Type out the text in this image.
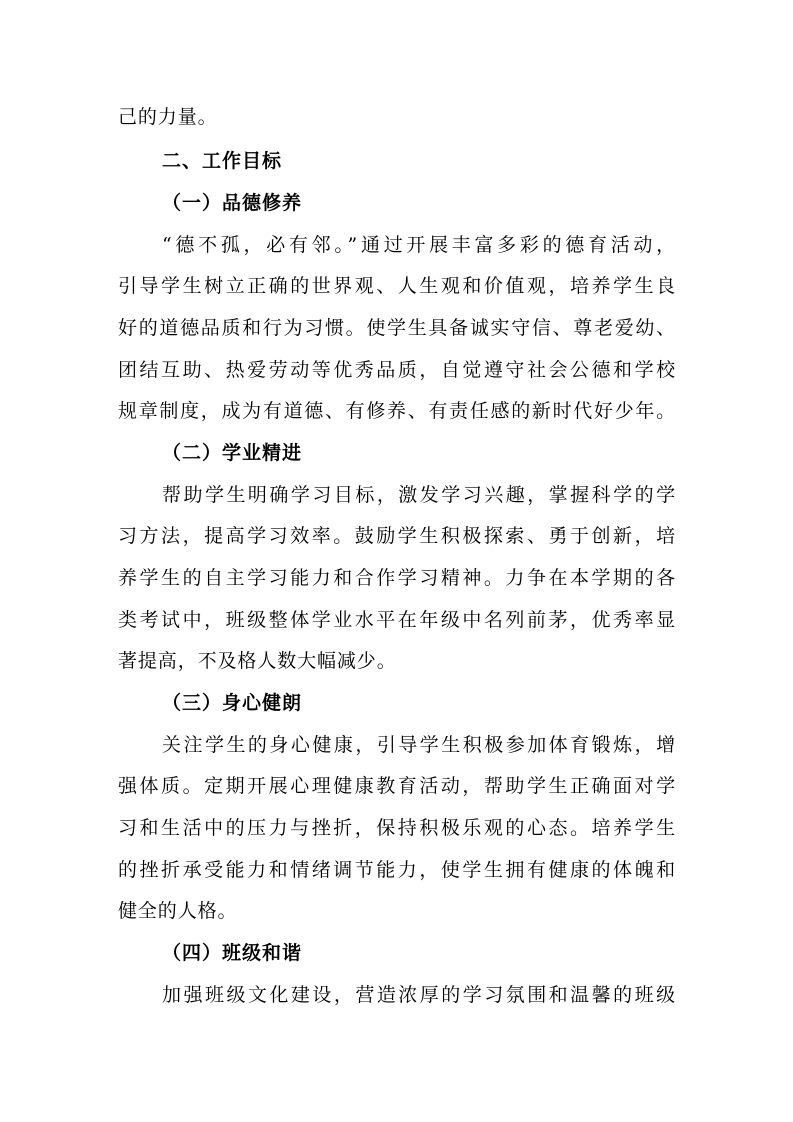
己的力量。
二、工作目标
（一）品德修养
“德不孤，必有邻。”通过开展丰富多彩的德育活动，
引导学生树立正确的世界观、人生观和价值观，培养学生良
好的道德品质和行为习惯。使学生具备诚实守信、尊老爱幼、
团结互助、热爱劳动等优秀品质，自觉遵守社会公德和学校
规章制度，成为有道德、有修养、有责任感的新时代好少年。
（二）学业精进
帮助学生明确学习目标，激发学习兴趣，掌握科学的学
习方法，提高学习效率。鼓励学生积极探索、勇于创新，培
养学生的自主学习能力和合作学习精神。力争在本学期的各
类考试中，班级整体学业水平在年级中名列前茅，优秀率显
著提高，不及格人数大幅减少。
（三）身心健朗
关注学生的身心健康，引导学生积极参加体育锻炼，增
强体质。定期开展心理健康教育活动，帮助学生正确面对学
习和生活中的压力与挫折，保持积极乐观的心态。培养学生
的挫折承受能力和情绪调节能力，使学生拥有健康的体魄和
健全的人格。
（四）班级和谐
加强班级文化建设，营造浓厚的学习氛围和温馨的班级
